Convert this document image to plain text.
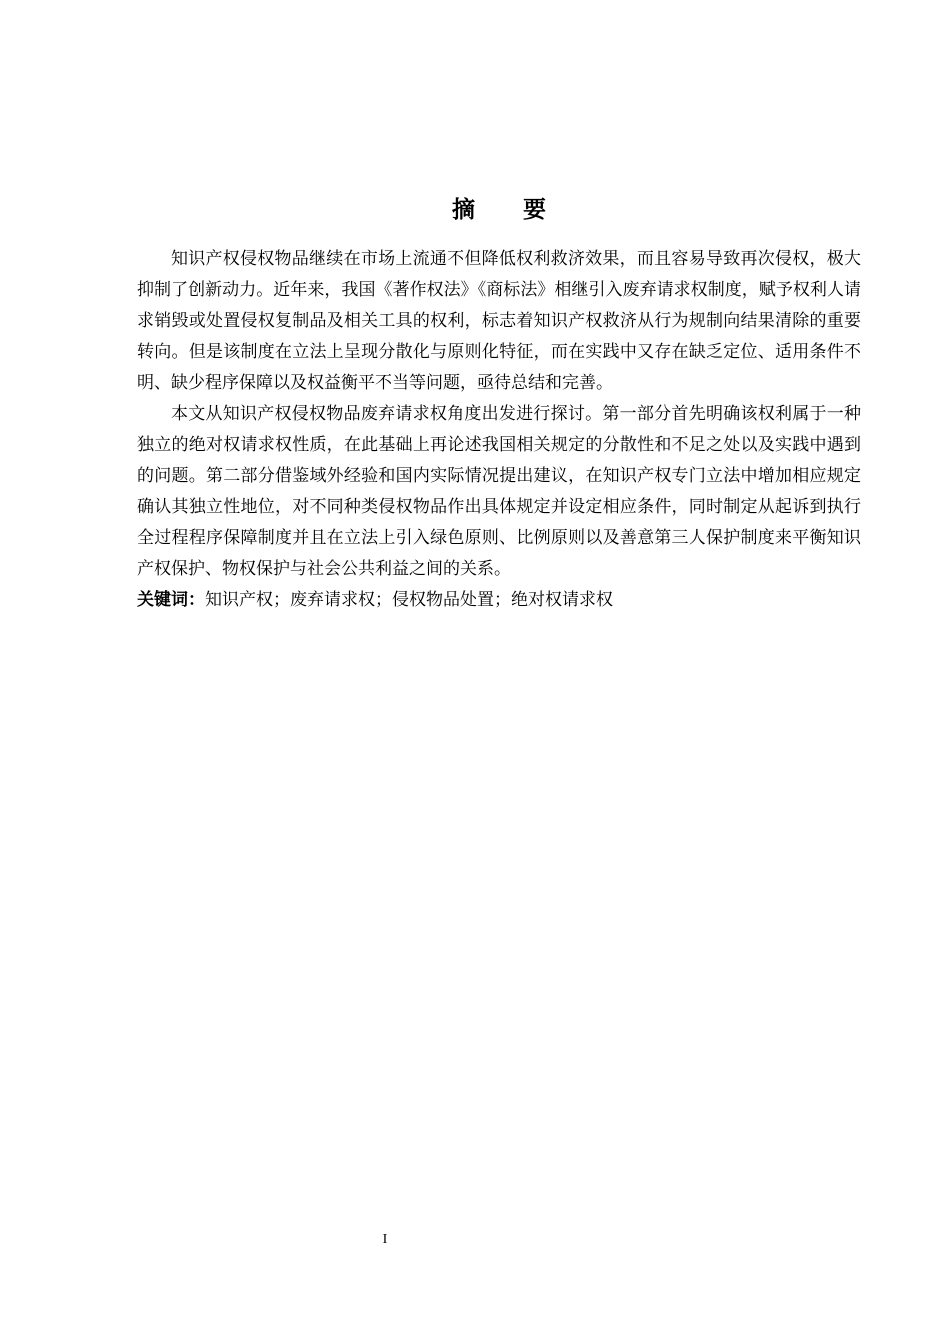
摘 要

知识产权侵权物品继续在市场上流通不但降低权利救济效果，而且容易导致再次侵权，极大抑制了创新动力。近年来，我国《著作权法》《商标法》相继引入废弃请求权制度，赋予权利人请求销毁或处置侵权复制品及相关工具的权利，标志着知识产权救济从行为规制向结果清除的重要转向。但是该制度在立法上呈现分散化与原则化特征，而在实践中又存在缺乏定位、适用条件不明、缺少程序保障以及权益衡平不当等问题，亟待总结和完善。

本文从知识产权侵权物品废弃请求权角度出发进行探讨。第一部分首先明确该权利属于一种独立的绝对权请求权性质，在此基础上再论述我国相关规定的分散性和不足之处以及实践中遇到的问题。第二部分借鉴域外经验和国内实际情况提出建议，在知识产权专门立法中增加相应规定确认其独立性地位，对不同种类侵权物品作出具体规定并设定相应条件，同时制定从起诉到执行全过程程序保障制度并且在立法上引入绿色原则、比例原则以及善意第三人保护制度来平衡知识产权保护、物权保护与社会公共利益之间的关系。

关键词：知识产权；废弃请求权；侵权物品处置；绝对权请求权

I
